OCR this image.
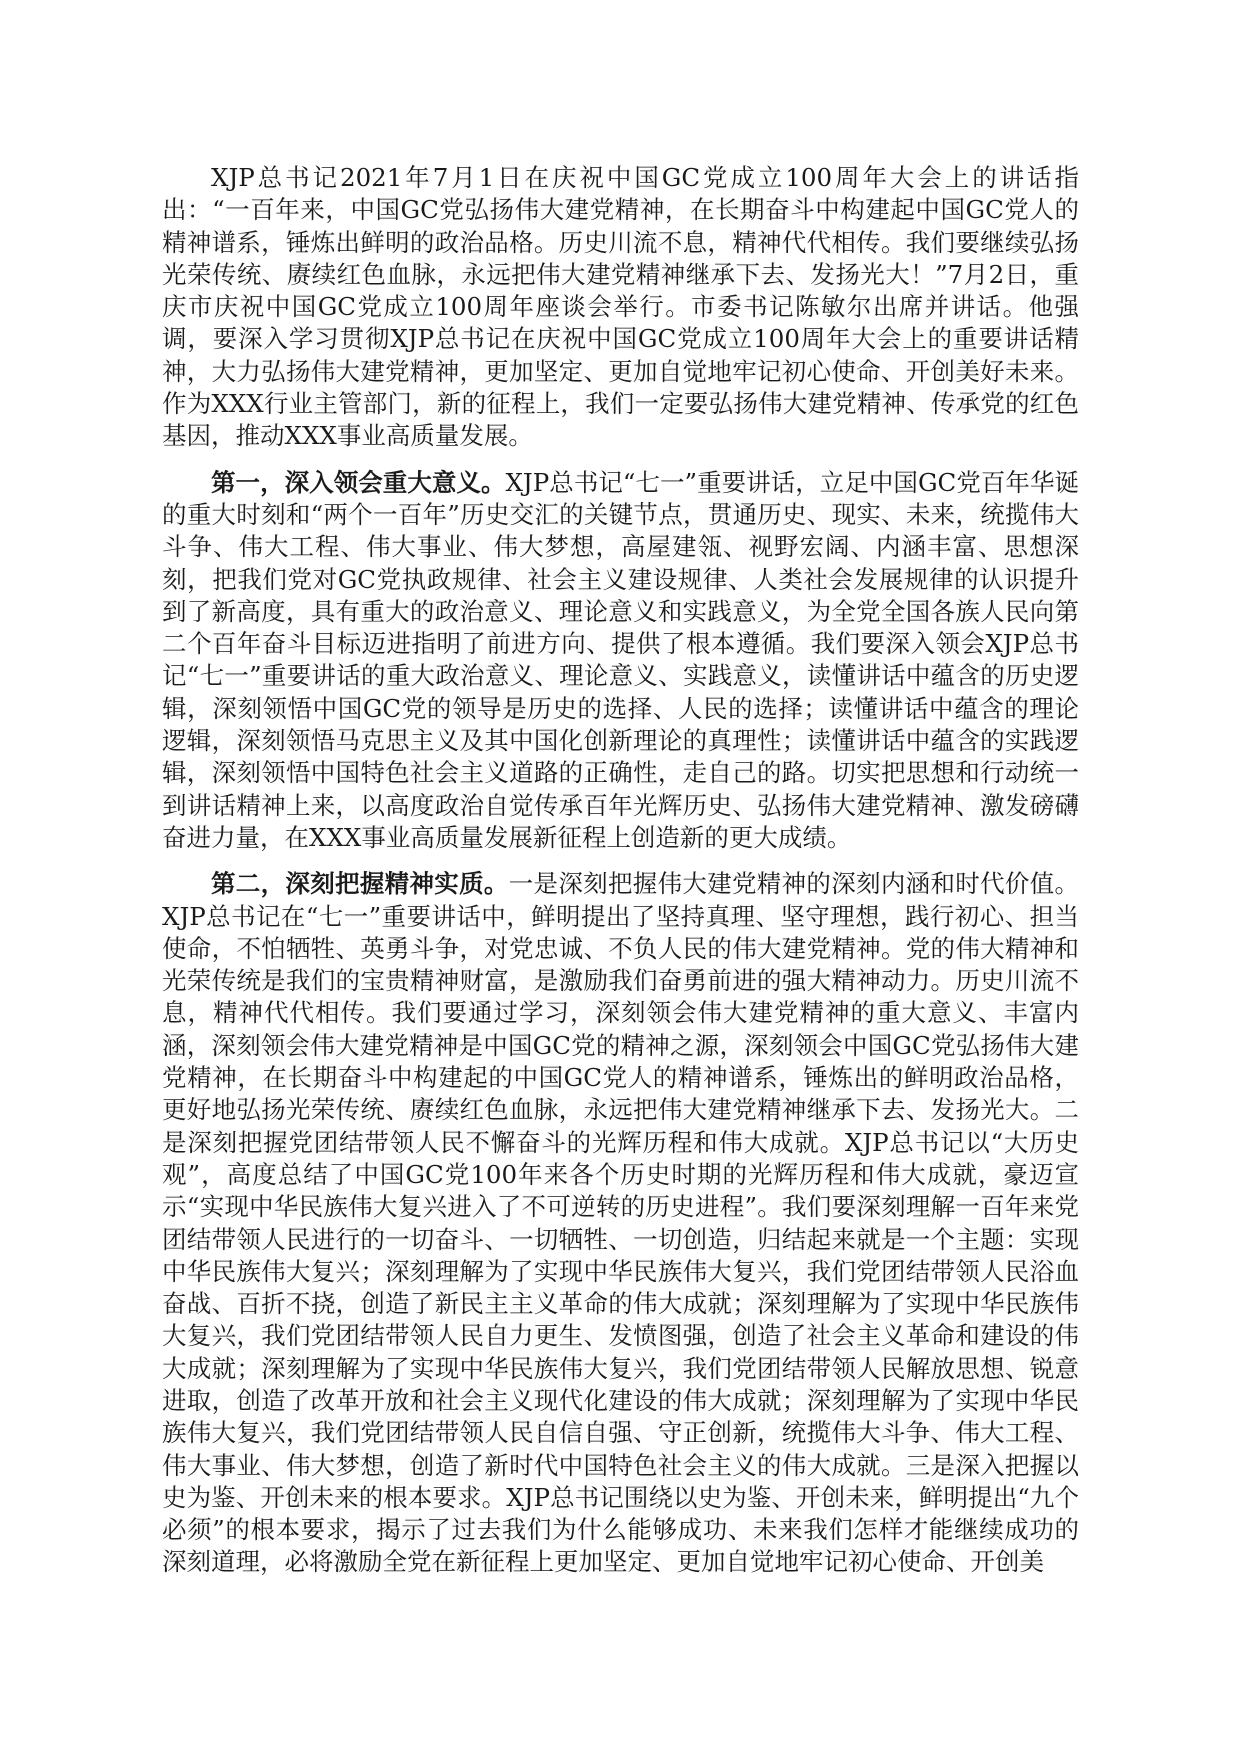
XJP总书记2021年7月1日在庆祝中国GC党成立100周年大会上的讲话指出：“一百年来，中国GC党弘扬伟大建党精神，在长期奋斗中构建起中国GC党人的精神谱系，锤炼出鲜明的政治品格。历史川流不息，精神代代相传。我们要继续弘扬光荣传统、赓续红色血脉，永远把伟大建党精神继承下去、发扬光大！”7月2日，重庆市庆祝中国GC党成立100周年座谈会举行。市委书记陈敏尔出席并讲话。他强调，要深入学习贯彻XJP总书记在庆祝中国GC党成立100周年大会上的重要讲话精神，大力弘扬伟大建党精神，更加坚定、更加自觉地牢记初心使命、开创美好未来。作为XXX行业主管部门，新的征程上，我们一定要弘扬伟大建党精神、传承党的红色基因，推动XXX事业高质量发展。

第一，深入领会重大意义。XJP总书记“七一”重要讲话，立足中国GC党百年华诞的重大时刻和“两个一百年”历史交汇的关键节点，贯通历史、现实、未来，统揽伟大斗争、伟大工程、伟大事业、伟大梦想，高屋建瓴、视野宏阔、内涵丰富、思想深刻，把我们党对GC党执政规律、社会主义建设规律、人类社会发展规律的认识提升到了新高度，具有重大的政治意义、理论意义和实践意义，为全党全国各族人民向第二个百年奋斗目标迈进指明了前进方向、提供了根本遵循。我们要深入领会XJP总书记“七一”重要讲话的重大政治意义、理论意义、实践意义，读懂讲话中蕴含的历史逻辑，深刻领悟中国GC党的领导是历史的选择、人民的选择；读懂讲话中蕴含的理论逻辑，深刻领悟马克思主义及其中国化创新理论的真理性；读懂讲话中蕴含的实践逻辑，深刻领悟中国特色社会主义道路的正确性，走自己的路。切实把思想和行动统一到讲话精神上来，以高度政治自觉传承百年光辉历史、弘扬伟大建党精神、激发磅礴奋进力量，在XXX事业高质量发展新征程上创造新的更大成绩。

第二，深刻把握精神实质。一是深刻把握伟大建党精神的深刻内涵和时代价值。XJP总书记在“七一”重要讲话中，鲜明提出了坚持真理、坚守理想，践行初心、担当使命，不怕牺牲、英勇斗争，对党忠诚、不负人民的伟大建党精神。党的伟大精神和光荣传统是我们的宝贵精神财富，是激励我们奋勇前进的强大精神动力。历史川流不息，精神代代相传。我们要通过学习，深刻领会伟大建党精神的重大意义、丰富内涵，深刻领会伟大建党精神是中国GC党的精神之源，深刻领会中国GC党弘扬伟大建党精神，在长期奋斗中构建起的中国GC党人的精神谱系，锤炼出的鲜明政治品格，更好地弘扬光荣传统、赓续红色血脉，永远把伟大建党精神继承下去、发扬光大。二是深刻把握党团结带领人民不懈奋斗的光辉历程和伟大成就。XJP总书记以“大历史观”，高度总结了中国GC党100年来各个历史时期的光辉历程和伟大成就，豪迈宣示“实现中华民族伟大复兴进入了不可逆转的历史进程”。我们要深刻理解一百年来党团结带领人民进行的一切奋斗、一切牺牲、一切创造，归结起来就是一个主题：实现中华民族伟大复兴；深刻理解为了实现中华民族伟大复兴，我们党团结带领人民浴血奋战、百折不挠，创造了新民主主义革命的伟大成就；深刻理解为了实现中华民族伟大复兴，我们党团结带领人民自力更生、发愤图强，创造了社会主义革命和建设的伟大成就；深刻理解为了实现中华民族伟大复兴，我们党团结带领人民解放思想、锐意进取，创造了改革开放和社会主义现代化建设的伟大成就；深刻理解为了实现中华民族伟大复兴，我们党团结带领人民自信自强、守正创新，统揽伟大斗争、伟大工程、伟大事业、伟大梦想，创造了新时代中国特色社会主义的伟大成就。三是深入把握以史为鉴、开创未来的根本要求。XJP总书记围绕以史为鉴、开创未来，鲜明提出“九个必须”的根本要求，揭示了过去我们为什么能够成功、未来我们怎样才能继续成功的深刻道理，必将激励全党在新征程上更加坚定、更加自觉地牢记初心使命、开创美
